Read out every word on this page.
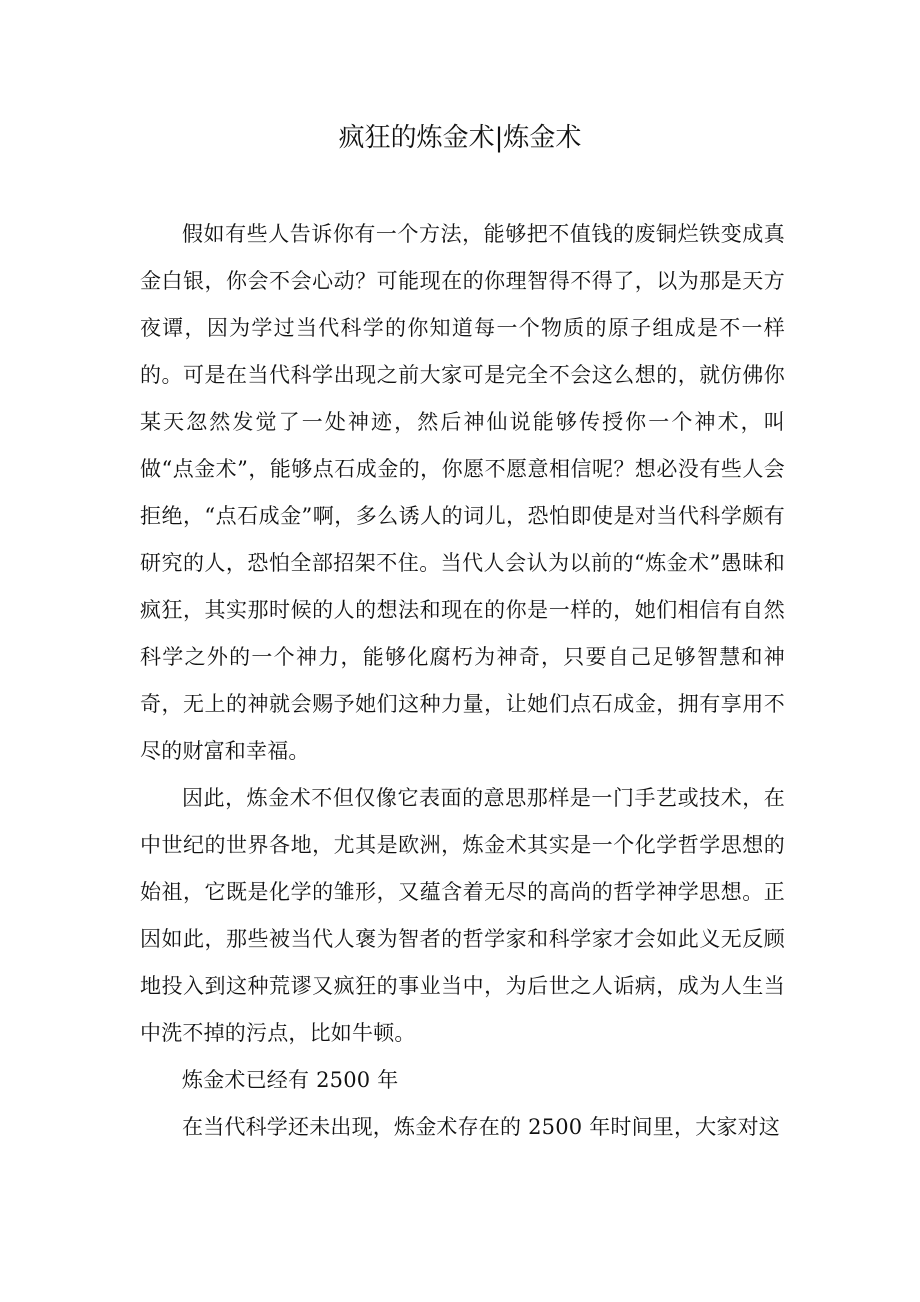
疯狂的炼金术|炼金术

假如有些人告诉你有一个方法，能够把不值钱的废铜烂铁变成真金白银，你会不会心动？可能现在的你理智得不得了，以为那是天方夜谭，因为学过当代科学的你知道每一个物质的原子组成是不一样的。可是在当代科学出现之前大家可是完全不会这么想的，就仿佛你某天忽然发觉了一处神迹，然后神仙说能够传授你一个神术，叫做“点金术”，能够点石成金的，你愿不愿意相信呢？想必没有些人会拒绝，“点石成金”啊，多么诱人的词儿，恐怕即使是对当代科学颇有研究的人，恐怕全部招架不住。当代人会认为以前的“炼金术”愚昧和疯狂，其实那时候的人的想法和现在的你是一样的，她们相信有自然科学之外的一个神力，能够化腐朽为神奇，只要自己足够智慧和神奇，无上的神就会赐予她们这种力量，让她们点石成金，拥有享用不尽的财富和幸福。

因此，炼金术不但仅像它表面的意思那样是一门手艺或技术，在中世纪的世界各地，尤其是欧洲，炼金术其实是一个化学哲学思想的始祖，它既是化学的雏形，又蕴含着无尽的高尚的哲学神学思想。正因如此，那些被当代人褒为智者的哲学家和科学家才会如此义无反顾地投入到这种荒谬又疯狂的事业当中，为后世之人诟病，成为人生当中洗不掉的污点，比如牛顿。

炼金术已经有 2500 年

在当代科学还未出现，炼金术存在的 2500 年时间里，大家对这
